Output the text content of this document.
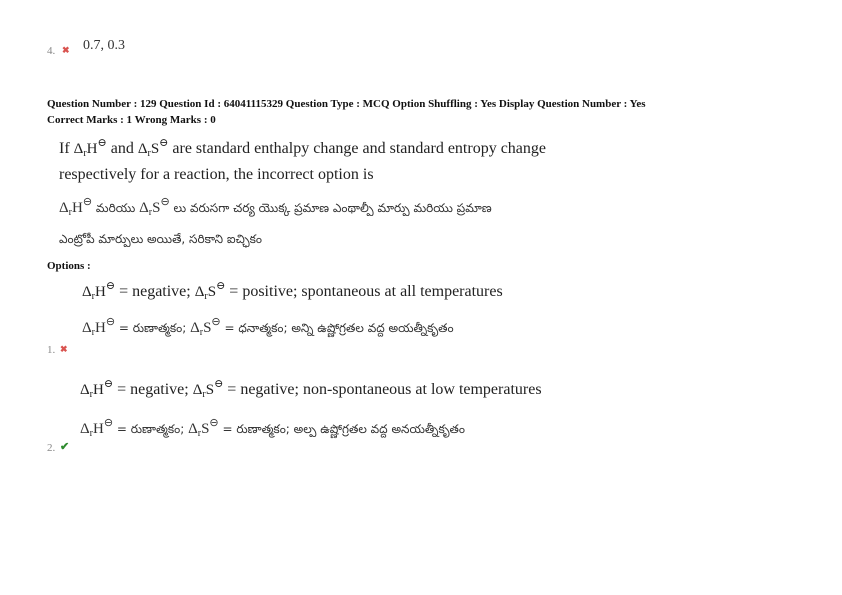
4. ✖ 0.7, 0.3
Question Number : 129 Question Id : 64041115329 Question Type : MCQ Option Shuffling : Yes Display Question Number : Yes
Correct Marks : 1 Wrong Marks : 0
If $\Delta_rH^⊖$ and $\Delta_rS^⊖$ are standard enthalpy change and standard entropy change
respectively for a reaction, the incorrect option is
$\Delta_rH^⊖$ మరియు $\Delta_rS^⊖$ లు వరుసగా చర్య యొక్క ప్రమాణ ఎంథాల్పీ మార్పు మరియు ప్రమాణ
ఎంట్రోపీ మార్పులు అయితే, సరికాని ఐచ్ఛికం
Options :
$\Delta_rH^⊖$ = negative; $\Delta_rS^⊖$ = positive; spontaneous at all temperatures
$\Delta_rH^⊖$ = రుణాత్మకం; $\Delta_rS^⊖$ = ధనాత్మకం; అన్ని ఉష్ణోగ్రతల వద్ద అయత్నీకృతం
1. ✖
$\Delta_rH^⊖$ = negative; $\Delta_rS^⊖$ = negative; non-spontaneous at low temperatures
$\Delta_rH^⊖$ = రుణాత్మకం; $\Delta_rS^⊖$ = రుణాత్మకం; అల్ప ఉష్ణోగ్రతల వద్ద అనయత్నీకృతం
2. ✔
